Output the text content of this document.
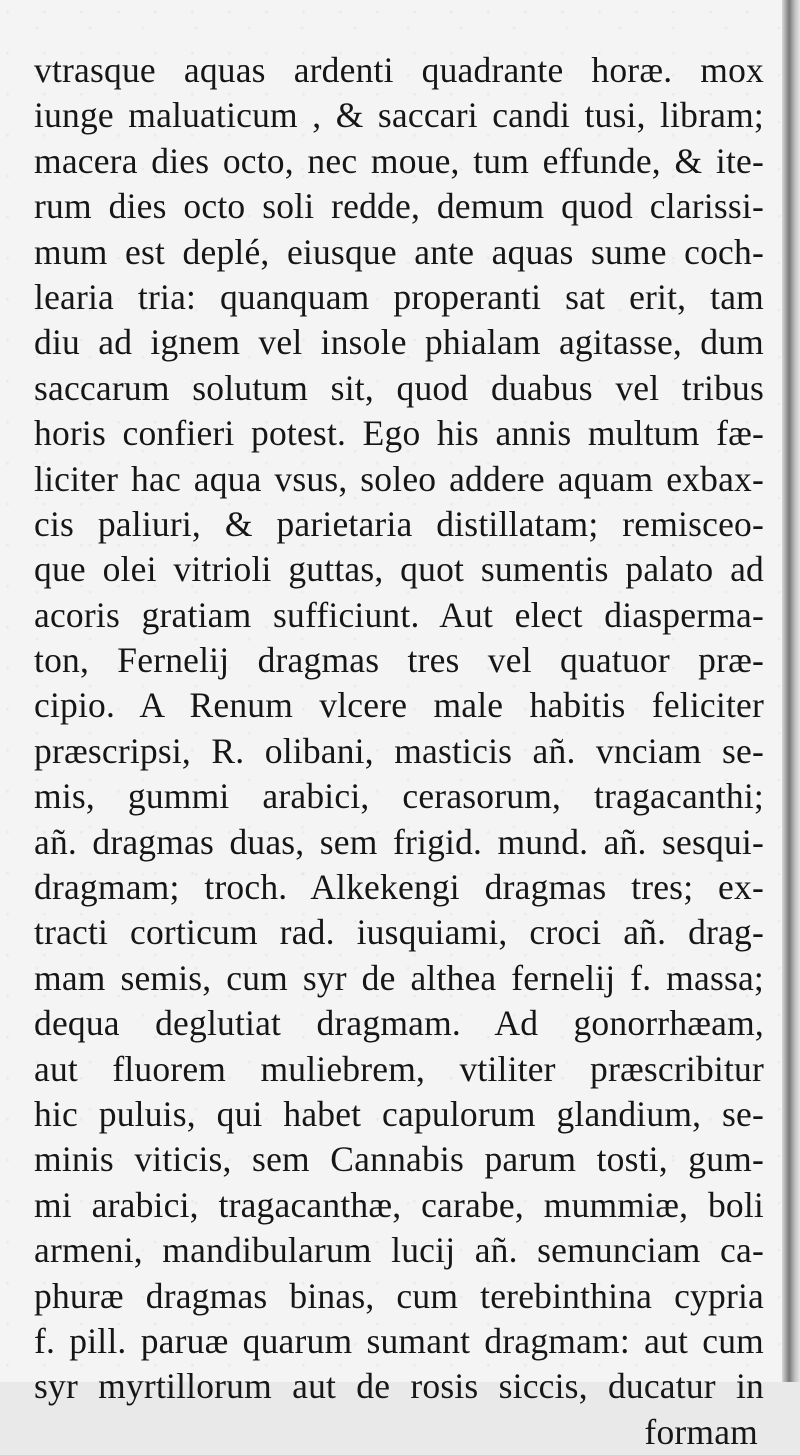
vtrasque aquas ardenti quadrante horæ. mox
iunge maluaticum , & saccari candi tusi, libram;
macera dies octo, nec moue, tum effunde, & ite-
rum dies octo soli redde, demum quod clarissi-
mum est deplé, eiusque ante aquas sume coch-
learia tria: quanquam properanti sat erit, tam
diu ad ignem vel insole phialam agitasse, dum
saccarum solutum sit, quod duabus vel tribus
horis confieri potest. Ego his annis multum fæ-
liciter hac aqua vsus, soleo addere aquam exbax-
cis paliuri, & parietaria distillatam; remisceo-
que olei vitrioli guttas, quot sumentis palato ad
acoris gratiam sufficiunt. Aut elect diasperma-
ton, Fernelij dragmas tres vel quatuor præ-
cipio. A Renum vlcere male habitis feliciter
præscripsi, R. olibani, masticis añ. vnciam se-
mis, gummi arabici, cerasorum, tragacanthi;
añ. dragmas duas, sem frigid. mund. añ. sesqui-
dragmam; troch. Alkekengi dragmas tres; ex-
tracti corticum rad. iusquiami, croci añ. drag-
mam semis, cum syr de althea fernelij f. massa;
dequa deglutiat dragmam. Ad gonorrhæam,
aut fluorem muliebrem, vtiliter præscribitur
hic puluis, qui habet capulorum glandium, se-
minis viticis, sem Cannabis parum tosti, gum-
mi arabici, tragacanthæ, carabe, mummiæ, boli
armeni, mandibularum lucij añ. semunciam ca-
phuræ dragmas binas, cum terebinthina cypria
f. pill. paruæ quarum sumant dragmam: aut cum
syr myrtillorum aut de rosis siccis, ducatur in
formam
